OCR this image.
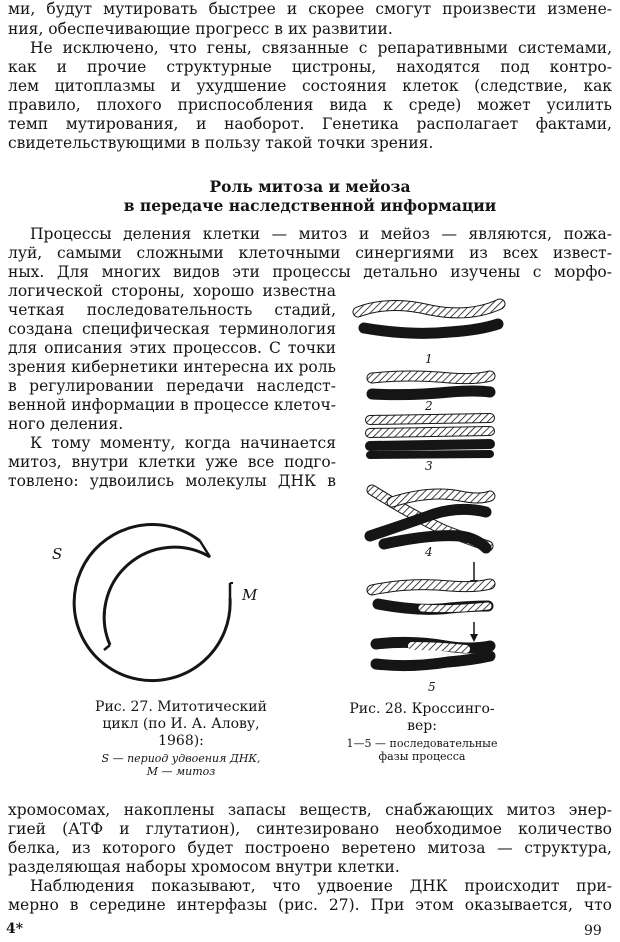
ми, будут мутировать быстрее и скорее смогут произвести измене-
ния, обеспечивающие прогресс в их развитии.
Не исключено, что гены, связанные с репаративными системами,
как и прочие структурные цистроны, находятся под контро-
лем цитоплазмы и ухудшение состояния клеток (следствие, как
правило, плохого приспособления вида к среде) может усилить
темп мутирования, и наоборот. Генетика располагает фактами,
свидетельствующими в пользу такой точки зрения.
Роль митоза и мейоза
в передаче наследственной информации
Процессы деления клетки — митоз и мейоз — являются, пожа-
луй, самыми сложными клеточными синергиями из всех извест-
ных. Для многих видов эти процессы детально изучены с морфо-
логической стороны, хорошо известна
четкая последовательность стадий,
создана специфическая терминология
для описания этих процессов. С точки
зрения кибернетики интересна их роль
в регулировании передачи наследст-
венной информации в процессе клеточ-
ного деления.
К тому моменту, когда начинается
митоз, внутри клетки уже все подго-
товлено: удвоились молекулы ДНК в
S
M
Рис. 27. Митотический
цикл (по И. А. Алову,
1968):
S — период удвоения ДНК,
M — митоз
1
2
3
4
5
Рис. 28. Кроссинго-
вер:
1—5 — последовательные
фазы процесса
хромосомах, накоплены запасы веществ, снабжающих митоз энер-
гией (АТФ и глутатион), синтезировано необходимое количество
белка, из которого будет построено веретено митоза — структура,
разделяющая наборы хромосом внутри клетки.
Наблюдения показывают, что удвоение ДНК происходит при-
мерно в середине интерфазы (рис. 27). При этом оказывается, что
4*	99
